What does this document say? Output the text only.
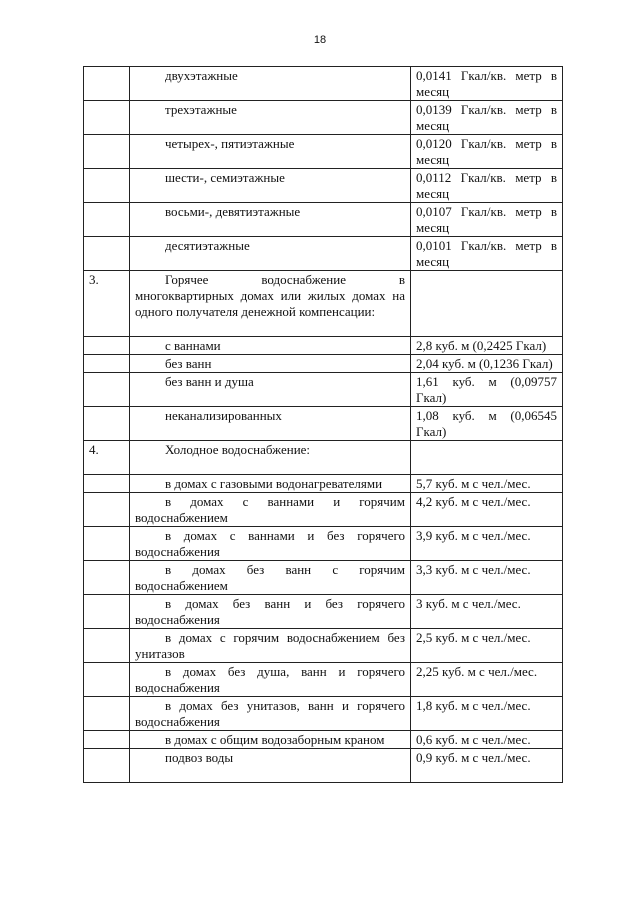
18
	двухэтажные	0,0141 Гкал/кв. метр в месяц
	трехэтажные	0,0139 Гкал/кв. метр в месяц
	четырех-, пятиэтажные	0,0120 Гкал/кв. метр в месяц
	шести-, семиэтажные	0,0112 Гкал/кв. метр в месяц
	восьми-, девятиэтажные	0,0107 Гкал/кв. метр в месяц
	десятиэтажные	0,0101 Гкал/кв. метр в месяц
3.	Горячее водоснабжение в многоквартирных домах или жилых домах на одного получателя денежной компенсации:	
	с ваннами	2,8 куб. м (0,2425 Гкал)
	без ванн	2,04 куб. м (0,1236 Гкал)
	без ванн и душа	1,61 куб. м (0,09757 Гкал)
	неканализированных	1,08 куб. м (0,06545 Гкал)
4.	Холодное водоснабжение:	
	в домах с газовыми водонагревателями	5,7 куб. м с чел./мес.
	в домах с ваннами и горячим водоснабжением	4,2 куб. м с чел./мес.
	в домах с ваннами и без горячего водоснабжения	3,9 куб. м с чел./мес.
	в домах без ванн с горячим водоснабжением	3,3 куб. м с чел./мес.
	в домах без ванн и без горячего водоснабжения	3 куб. м с чел./мес.
	в домах с горячим водоснабжением без унитазов	2,5 куб. м с чел./мес.
	в домах без душа, ванн и горячего водоснабжения	2,25 куб. м с чел./мес.
	в домах без унитазов, ванн и горячего водоснабжения	1,8 куб. м с чел./мес.
	в домах с общим водозаборным краном	0,6 куб. м с чел./мес.
	подвоз воды	0,9 куб. м с чел./мес.
